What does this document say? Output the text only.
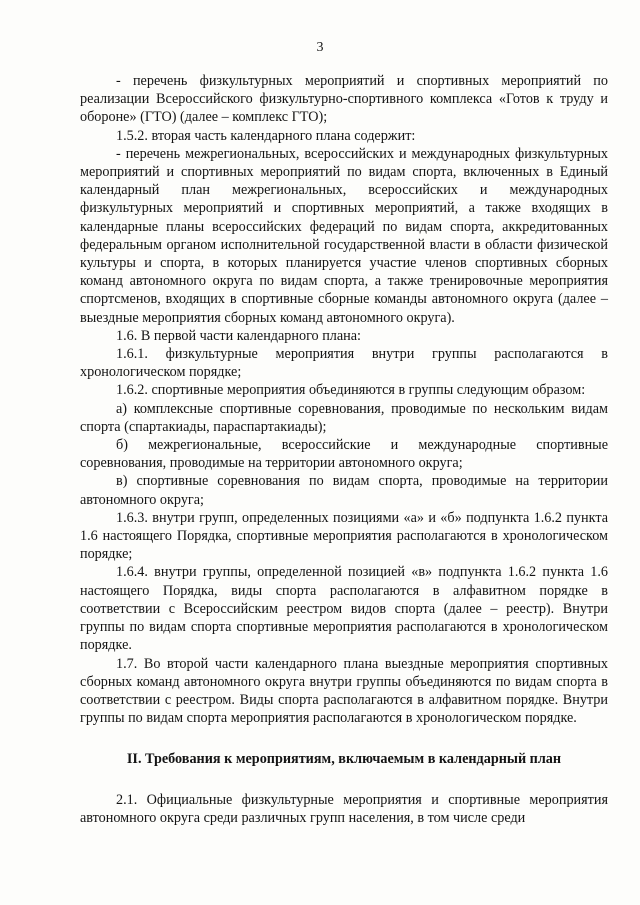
3
- перечень физкультурных мероприятий и спортивных мероприятий по реализации Всероссийского физкультурно-спортивного комплекса «Готов к труду и обороне» (ГТО) (далее – комплекс ГТО);
1.5.2. вторая часть календарного плана содержит:
- перечень межрегиональных, всероссийских и международных физкультурных мероприятий и спортивных мероприятий по видам спорта, включенных в Единый календарный план межрегиональных, всероссийских и международных физкультурных мероприятий и спортивных мероприятий, а также входящих в календарные планы всероссийских федераций по видам спорта, аккредитованных федеральным органом исполнительной государственной власти в области физической культуры и спорта, в которых планируется участие членов спортивных сборных команд автономного округа по видам спорта, а также тренировочные мероприятия спортсменов, входящих в спортивные сборные команды автономного округа (далее – выездные мероприятия сборных команд автономного округа).
1.6. В первой части календарного плана:
1.6.1. физкультурные мероприятия внутри группы располагаются в хронологическом порядке;
1.6.2. спортивные мероприятия объединяются в группы следующим образом:
а) комплексные спортивные соревнования, проводимые по нескольким видам спорта (спартакиады, параспартакиады);
б) межрегиональные, всероссийские и международные спортивные соревнования, проводимые на территории автономного округа;
в) спортивные соревнования по видам спорта, проводимые на территории автономного округа;
1.6.3. внутри групп, определенных позициями «а» и «б» подпункта 1.6.2 пункта 1.6 настоящего Порядка, спортивные мероприятия располагаются в хронологическом порядке;
1.6.4. внутри группы, определенной позицией «в» подпункта 1.6.2 пункта 1.6 настоящего Порядка, виды спорта располагаются в алфавитном порядке в соответствии с Всероссийским реестром видов спорта (далее – реестр). Внутри группы по видам спорта спортивные мероприятия располагаются в хронологическом порядке.
1.7. Во второй части календарного плана выездные мероприятия спортивных сборных команд автономного округа внутри группы объединяются по видам спорта в соответствии с реестром. Виды спорта располагаются в алфавитном порядке. Внутри группы по видам спорта мероприятия располагаются в хронологическом порядке.
II. Требования к мероприятиям, включаемым в календарный план
2.1. Официальные физкультурные мероприятия и спортивные мероприятия автономного округа среди различных групп населения, в том числе среди
